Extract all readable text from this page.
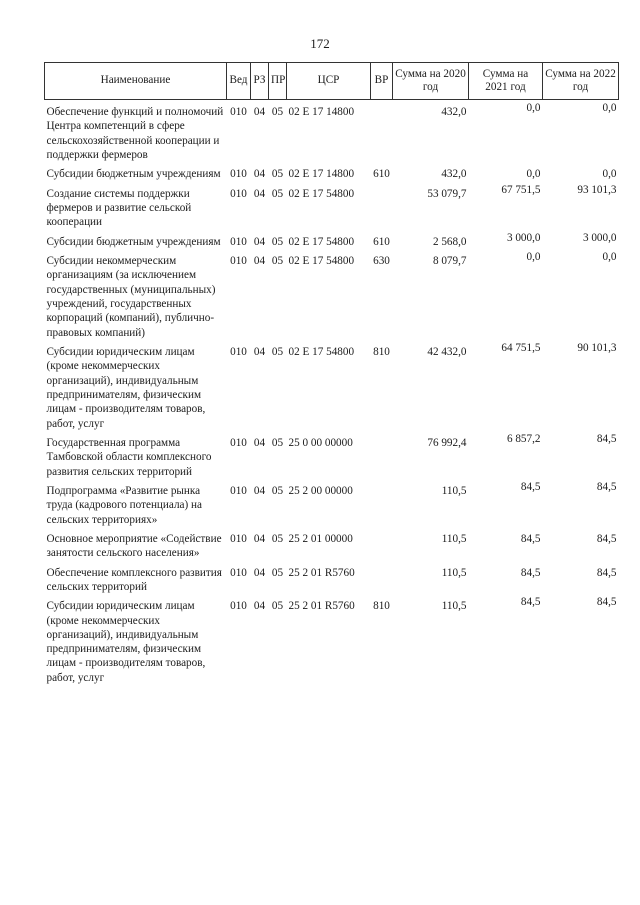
172
Наименование	Вед	РЗ	ПР	ЦСР	ВР	Сумма на 2020 год	Сумма на 2021 год	Сумма на 2022 год
Обеспечение функций и полномочий Центра компетенций в сфере сельскохозяйственной кооперации и поддержки фермеров	010	04	05	02 Е 17 14800		432,0	0,0	0,0
Субсидии бюджетным учреждениям	010	04	05	02 Е 17 14800	610	432,0	0,0	0,0
Создание системы поддержки фермеров и развитие сельской кооперации	010	04	05	02 Е 17 54800		53 079,7	67 751,5	93 101,3
Субсидии бюджетным учреждениям	010	04	05	02 Е 17 54800	610	2 568,0	3 000,0	3 000,0
Субсидии некоммерческим организациям (за исключением государственных (муниципальных) учреждений, государственных корпораций (компаний), публично-правовых компаний)	010	04	05	02 Е 17 54800	630	8 079,7	0,0	0,0
Субсидии юридическим лицам (кроме некоммерческих организаций), индивидуальным предпринимателям, физическим лицам - производителям товаров, работ, услуг	010	04	05	02 Е 17 54800	810	42 432,0	64 751,5	90 101,3
Государственная программа Тамбовской области комплексного развития сельских территорий	010	04	05	25 0 00 00000		76 992,4	6 857,2	84,5
Подпрограмма «Развитие рынка труда (кадрового потенциала) на сельских территориях»	010	04	05	25 2 00 00000		110,5	84,5	84,5
Основное мероприятие «Содействие занятости сельского населения»	010	04	05	25 2 01 00000		110,5	84,5	84,5
Обеспечение комплексного развития сельских территорий	010	04	05	25 2 01 R5760		110,5	84,5	84,5
Субсидии юридическим лицам (кроме некоммерческих организаций), индивидуальным предпринимателям, физическим лицам - производителям товаров, работ, услуг	010	04	05	25 2 01 R5760	810	110,5	84,5	84,5
